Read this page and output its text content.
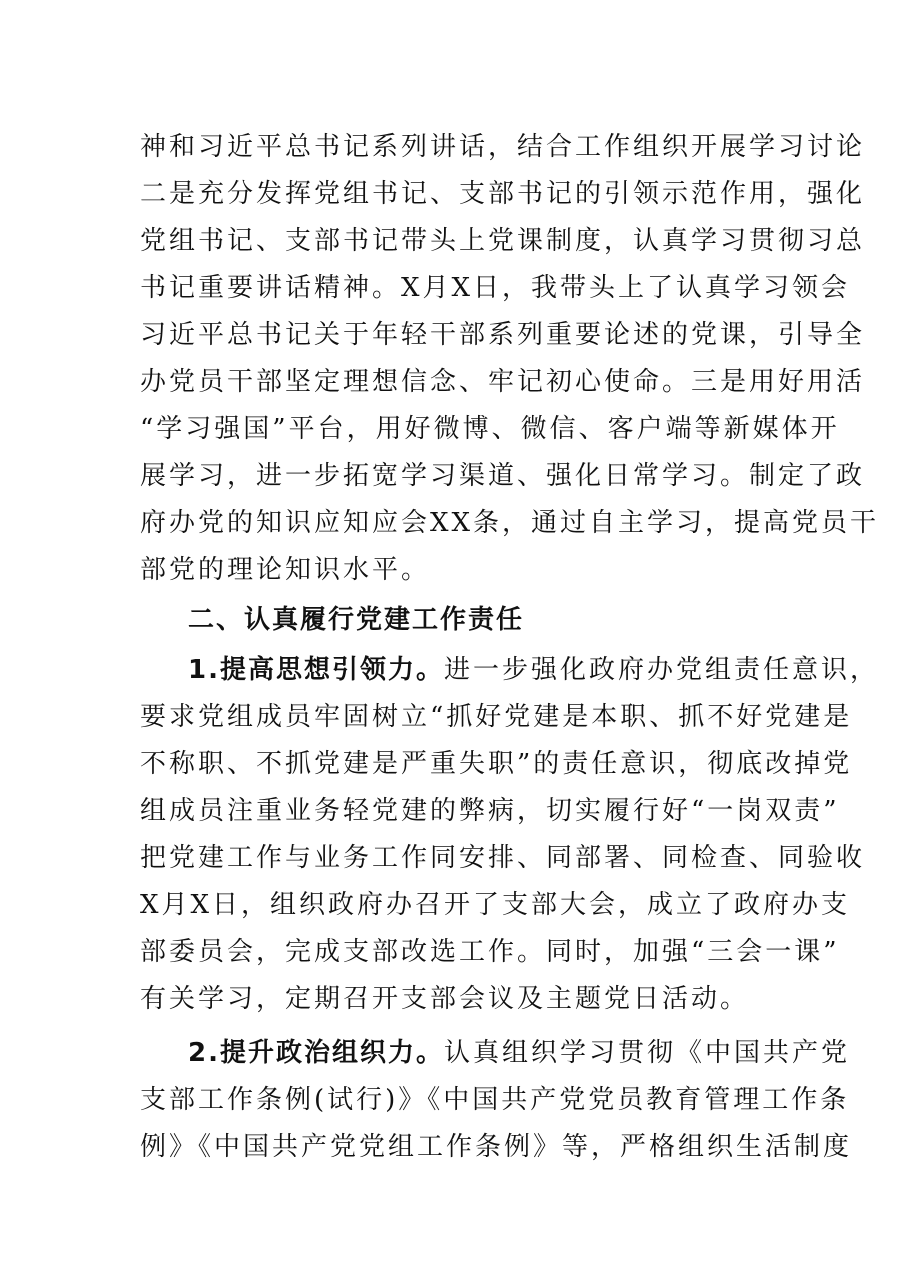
神和习近平总书记系列讲话，结合工作组织开展学习讨论
二是充分发挥党组书记、支部书记的引领示范作用，强化
党组书记、支部书记带头上党课制度，认真学习贯彻习总
书记重要讲话精神。X月X日，我带头上了认真学习领会
习近平总书记关于年轻干部系列重要论述的党课，引导全
办党员干部坚定理想信念、牢记初心使命。三是用好用活
“学习强国”平台，用好微博、微信、客户端等新媒体开
展学习，进一步拓宽学习渠道、强化日常学习。制定了政
府办党的知识应知应会XX条，通过自主学习，提高党员干
部党的理论知识水平。
二、认真履行党建工作责任
1.提高思想引领力。进一步强化政府办党组责任意识，
要求党组成员牢固树立“抓好党建是本职、抓不好党建是
不称职、不抓党建是严重失职”的责任意识，彻底改掉党
组成员注重业务轻党建的弊病，切实履行好“一岗双责”
把党建工作与业务工作同安排、同部署、同检查、同验收
X月X日，组织政府办召开了支部大会，成立了政府办支
部委员会，完成支部改选工作。同时，加强“三会一课”
有关学习，定期召开支部会议及主题党日活动。
2.提升政治组织力。认真组织学习贯彻《中国共产党
支部工作条例(试行)》《中国共产党党员教育管理工作条
例》《中国共产党党组工作条例》等，严格组织生活制度
